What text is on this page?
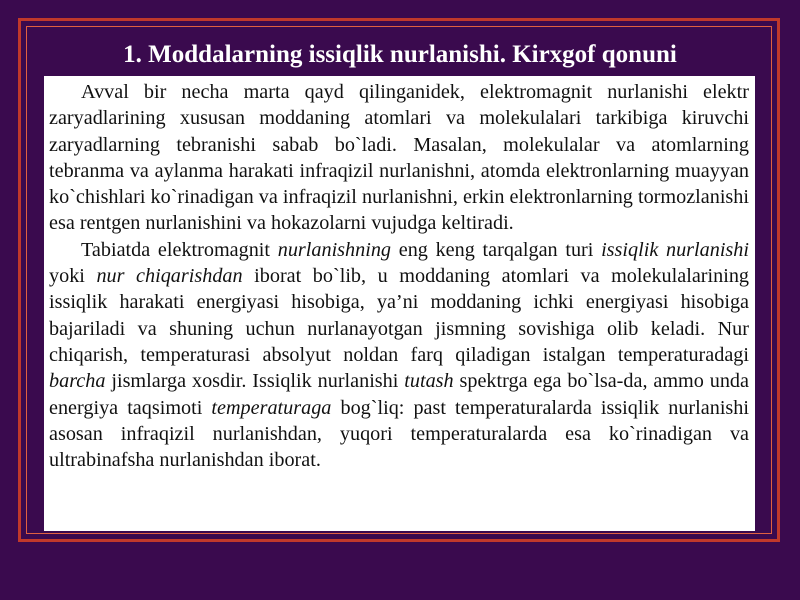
1. Moddalarning issiqlik nurlanishi. Kirxgof qonuni

Avval bir necha marta qayd qilinganidek, elektromagnit nurlanishi elektr zaryadlarining xususan moddaning atomlari va molekulalari tarkibiga kiruvchi zaryadlarning tebranishi sabab bo`ladi. Masalan, molekulalar va atomlarning tebranma va aylanma harakati infraqizil nurlanishni, atomda elektronlarning muayyan ko`chishlari ko`rinadigan va infraqizil nurlanishni, erkin elektronlarning tormozlanishi esa rentgen nurlanishini va hokazolarni vujudga keltiradi.

Tabiatda elektromagnit nurlanishning eng keng tarqalgan turi issiqlik nurlanishi yoki nur chiqarishdan iborat bo`lib, u moddaning atomlari va molekulalarining issiqlik harakati energiyasi hisobiga, ya’ni moddaning ichki energiyasi hisobiga bajariladi va shuning uchun nurlanayotgan jismning sovishiga olib keladi. Nur chiqarish, temperaturasi absolyut noldan farq qiladigan istalgan temperaturadagi barcha jismlarga xosdir. Issiqlik nurlanishi tutash spektrga ega bo`lsa-da, ammo unda energiya taqsimoti temperaturaga bog`liq: past temperaturalarda issiqlik nurlanishi asosan infraqizil nurlanishdan, yuqori temperaturalarda esa ko`rinadigan va ultrabinafsha nurlanishdan iborat.
